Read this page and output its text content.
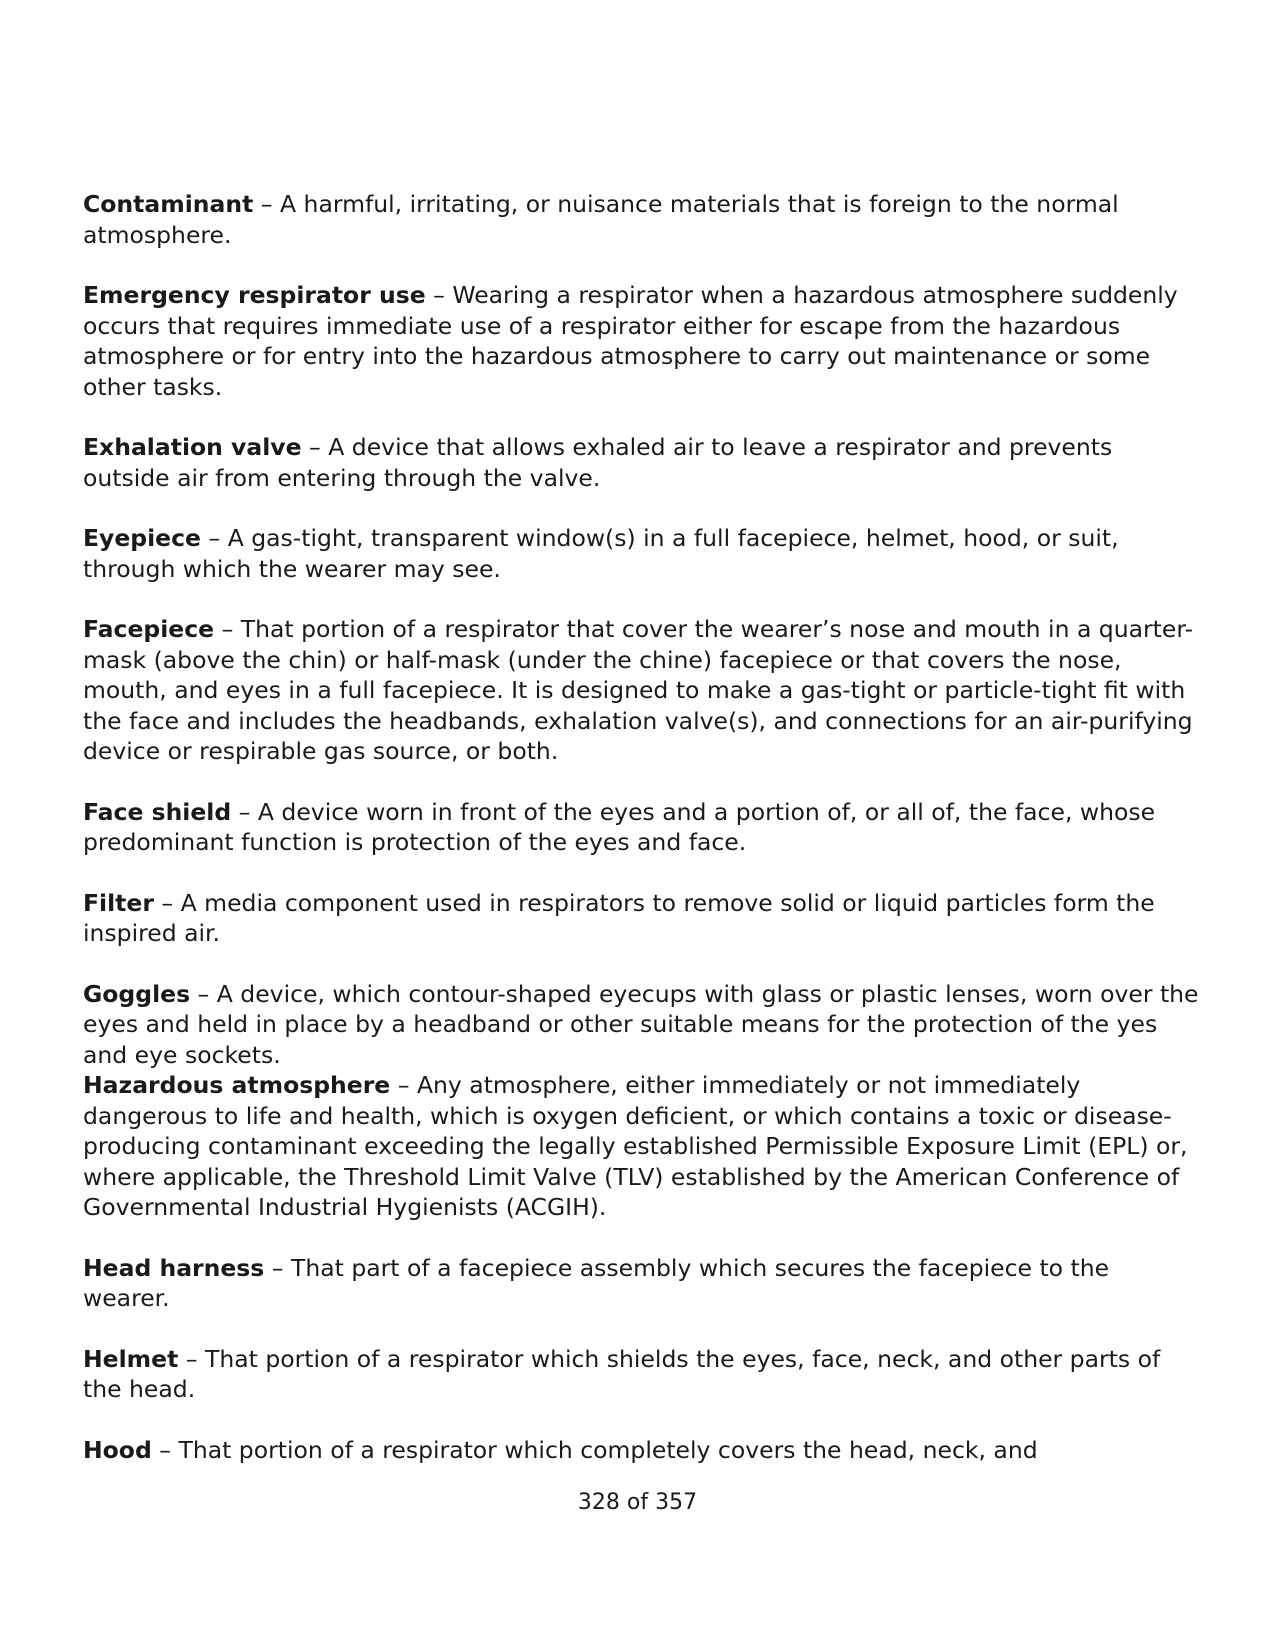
Contaminant – A harmful, irritating, or nuisance materials that is foreign to the normal atmosphere.

Emergency respirator use – Wearing a respirator when a hazardous atmosphere suddenly occurs that requires immediate use of a respirator either for escape from the hazardous atmosphere or for entry into the hazardous atmosphere to carry out maintenance or some other tasks.

Exhalation valve – A device that allows exhaled air to leave a respirator and prevents outside air from entering through the valve.

Eyepiece – A gas-tight, transparent window(s) in a full facepiece, helmet, hood, or suit, through which the wearer may see.

Facepiece – That portion of a respirator that cover the wearer’s nose and mouth in a quarter-mask (above the chin) or half-mask (under the chine) facepiece or that covers the nose, mouth, and eyes in a full facepiece. It is designed to make a gas-tight or particle-tight fit with the face and includes the headbands, exhalation valve(s), and connections for an air-purifying device or respirable gas source, or both.

Face shield – A device worn in front of the eyes and a portion of, or all of, the face, whose predominant function is protection of the eyes and face.

Filter – A media component used in respirators to remove solid or liquid particles form the inspired air.

Goggles – A device, which contour-shaped eyecups with glass or plastic lenses, worn over the eyes and held in place by a headband or other suitable means for the protection of the yes and eye sockets.

Hazardous atmosphere – Any atmosphere, either immediately or not immediately dangerous to life and health, which is oxygen deficient, or which contains a toxic or disease-producing contaminant exceeding the legally established Permissible Exposure Limit (EPL) or, where applicable, the Threshold Limit Valve (TLV) established by the American Conference of Governmental Industrial Hygienists (ACGIH).

Head harness – That part of a facepiece assembly which secures the facepiece to the wearer.

Helmet – That portion of a respirator which shields the eyes, face, neck, and other parts of the head.

Hood – That portion of a respirator which completely covers the head, neck, and

328 of 357
